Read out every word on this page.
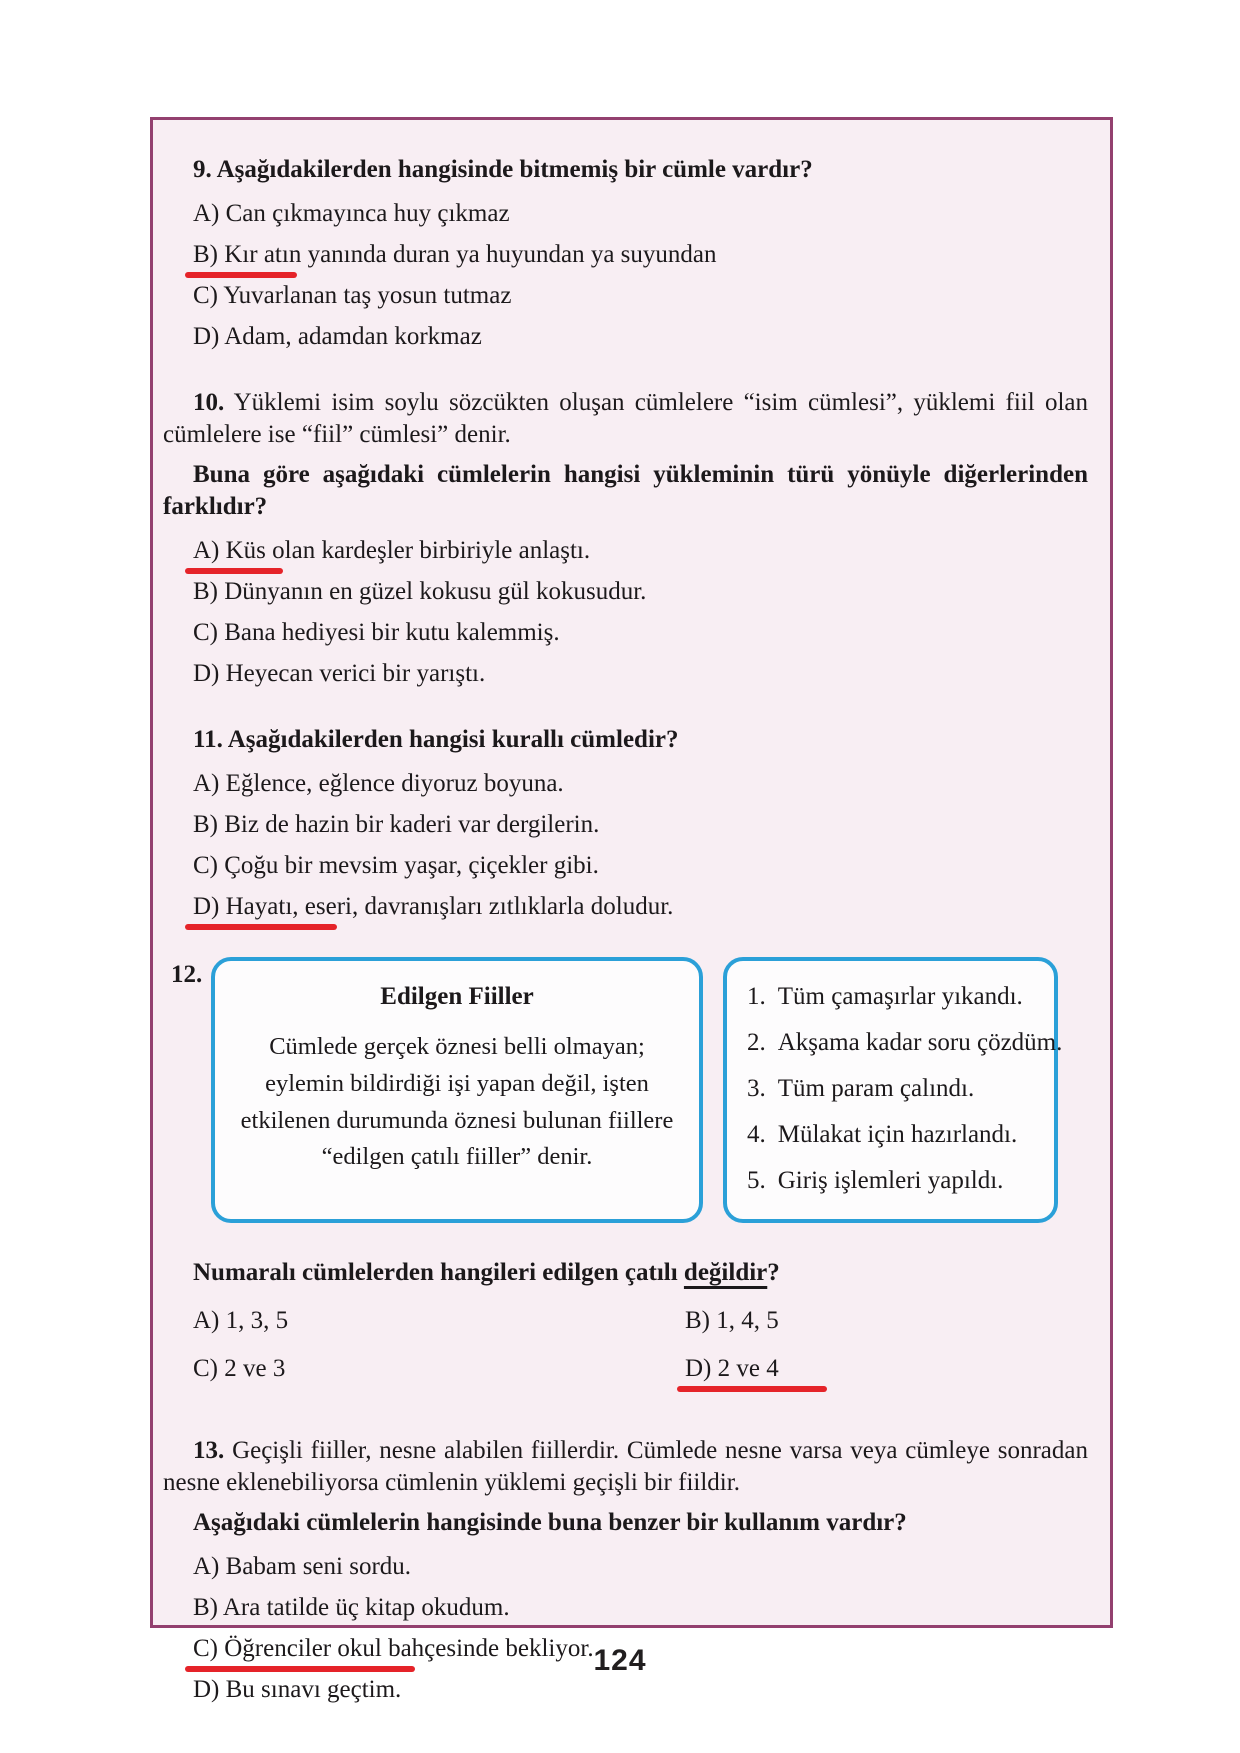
9. Aşağıdakilerden hangisinde bitmemiş bir cümle vardır?

A) Can çıkmayınca huy çıkmaz
B) Kır atın yanında duran ya huyundan ya suyundan
C) Yuvarlanan taş yosun tutmaz
D) Adam, adamdan korkmaz

10. Yüklemi isim soylu sözcükten oluşan cümlelere “isim cümlesi”, yüklemi fiil olan cümlelere ise “fiil” cümlesi” denir.

Buna göre aşağıdaki cümlelerin hangisi yükleminin türü yönüyle diğerlerinden farklıdır?

A) Küs olan kardeşler birbiriyle anlaştı.
B) Dünyanın en güzel kokusu gül kokusudur.
C) Bana hediyesi bir kutu kalemmiş.
D) Heyecan verici bir yarıştı.

11. Aşağıdakilerden hangisi kurallı cümledir?

A) Eğlence, eğlence diyoruz boyuna.
B) Biz de hazin bir kaderi var dergilerin.
C) Çoğu bir mevsim yaşar, çiçekler gibi.
D) Hayatı, eseri, davranışları zıtlıklarla doludur.
12.
Edilgen Fiiller
Cümlede gerçek öznesi belli olmayan; eylemin bildirdiği işi yapan değil, işten etkilenen durumunda öznesi bulunan fiillere “edilgen çatılı fiiller” denir.
1. Tüm çamaşırlar yıkandı.
2. Akşama kadar soru çözdüm.
3. Tüm param çalındı.
4. Mülakat için hazırlandı.
5. Giriş işlemleri yapıldı.

Numaralı cümlelerden hangileri edilgen çatılı değildir?

A) 1, 3, 5	B) 1, 4, 5
C) 2 ve 3	D) 2 ve 4

13. Geçişli fiiller, nesne alabilen fiillerdir. Cümlede nesne varsa veya cümleye sonradan nesne eklenebiliyorsa cümlenin yüklemi geçişli bir fiildir.

Aşağıdaki cümlelerin hangisinde buna benzer bir kullanım vardır?

A) Babam seni sordu.
B) Ara tatilde üç kitap okudum.
C) Öğrenciler okul bahçesinde bekliyor.
D) Bu sınavı geçtim.
124
